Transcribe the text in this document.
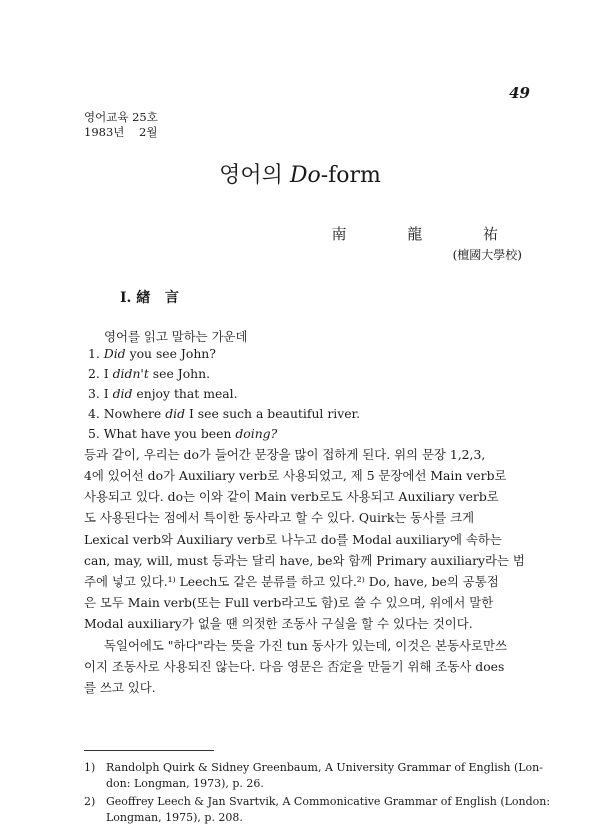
49
영어교육 25호
1983년    2월
영어의 Do-form
南 龍 祐
(檀國大學校)
I. 緖   言
영어를 읽고 말하는 가운데
1. Did you see John?
2. I didn't see John.
3. I did enjoy that meal.
4. Nowhere did I see such a beautiful river.
5. What have you been doing?
등과 같이, 우리는 do가 들어간 문장을 많이 접하게 된다. 위의 문장 1,2,3,
4에 있어선 do가 Auxiliary verb로 사용되었고, 제 5 문장에선 Main verb로
사용되고 있다. do는 이와 같이 Main verb로도 사용되고 Auxiliary verb로
도 사용된다는 점에서 특이한 동사라고 할 수 있다. Quirk는 동사를 크게
Lexical verb와 Auxiliary verb로 나누고 do를 Modal auxiliary에 속하는
can, may, will, must 등과는 달리 have, be와 함께 Primary auxiliary라는 범
주에 넣고 있다.¹⁾ Leech도 같은 분류를 하고 있다.²⁾ Do, have, be의 공통점
은 모두 Main verb(또는 Full verb라고도 함)로 쓸 수 있으며, 위에서 말한
Modal auxiliary가 없을 땐 의젓한 조동사 구실을 할 수 있다는 것이다.
독일어에도 "하다"라는 뜻을 가진 tun 동사가 있는데, 이것은 본동사로만쓰
이지 조동사로 사용되진 않는다. 다음 영문은 否定을 만들기 위해 조동사 does
를 쓰고 있다.
1) Randolph Quirk & Sidney Greenbaum, A University Grammar of English (Lon-
don: Longman, 1973), p. 26.
2) Geoffrey Leech & Jan Svartvik, A Commonicative Grammar of English (London:
Longman, 1975), p. 208.
